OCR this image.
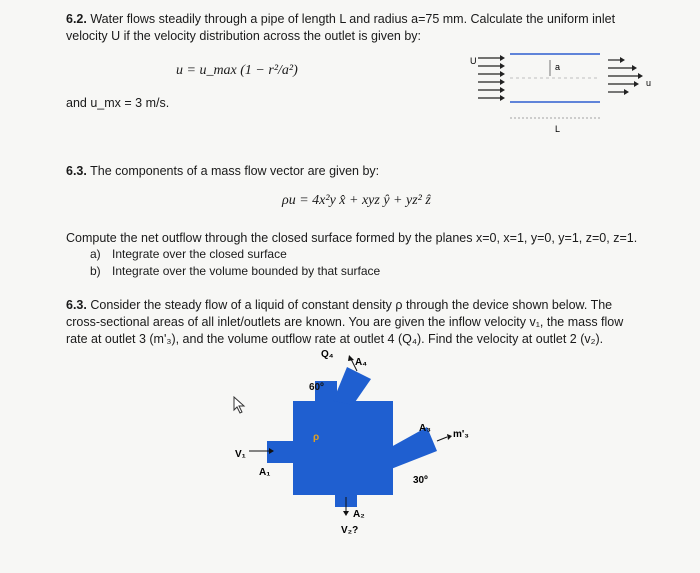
6.2. Water flows steadily through a pipe of length L and radius a=75 mm. Calculate the uniform inlet
velocity U if the velocity distribution across the outlet is given by:
u = u_max (1 − r²/a²)
and u_mx = 3 m/s.
U
a
u
L
6.3. The components of a mass flow vector are given by:
ρu = 4x²y x̂ + xyz ŷ + yz² ẑ
Compute the net outflow through the closed surface formed by the planes x=0, x=1, y=0, y=1, z=0, z=1.
a) Integrate over the closed surface
b) Integrate over the volume bounded by that surface
6.3. Consider the steady flow of a liquid of constant density ρ through the device shown below. The
cross-sectional areas of all inlet/outlets are known. You are given the inflow velocity v₁, the mass flow
rate at outlet 3 (m'₃), and the volume outflow rate at outlet 4 (Q₄). Find the velocity at outlet 2 (v₂).
Q₄
A₄
60º
ρ
V₁
A₁
A₃
m'₃
30º
A₂
V₂?
